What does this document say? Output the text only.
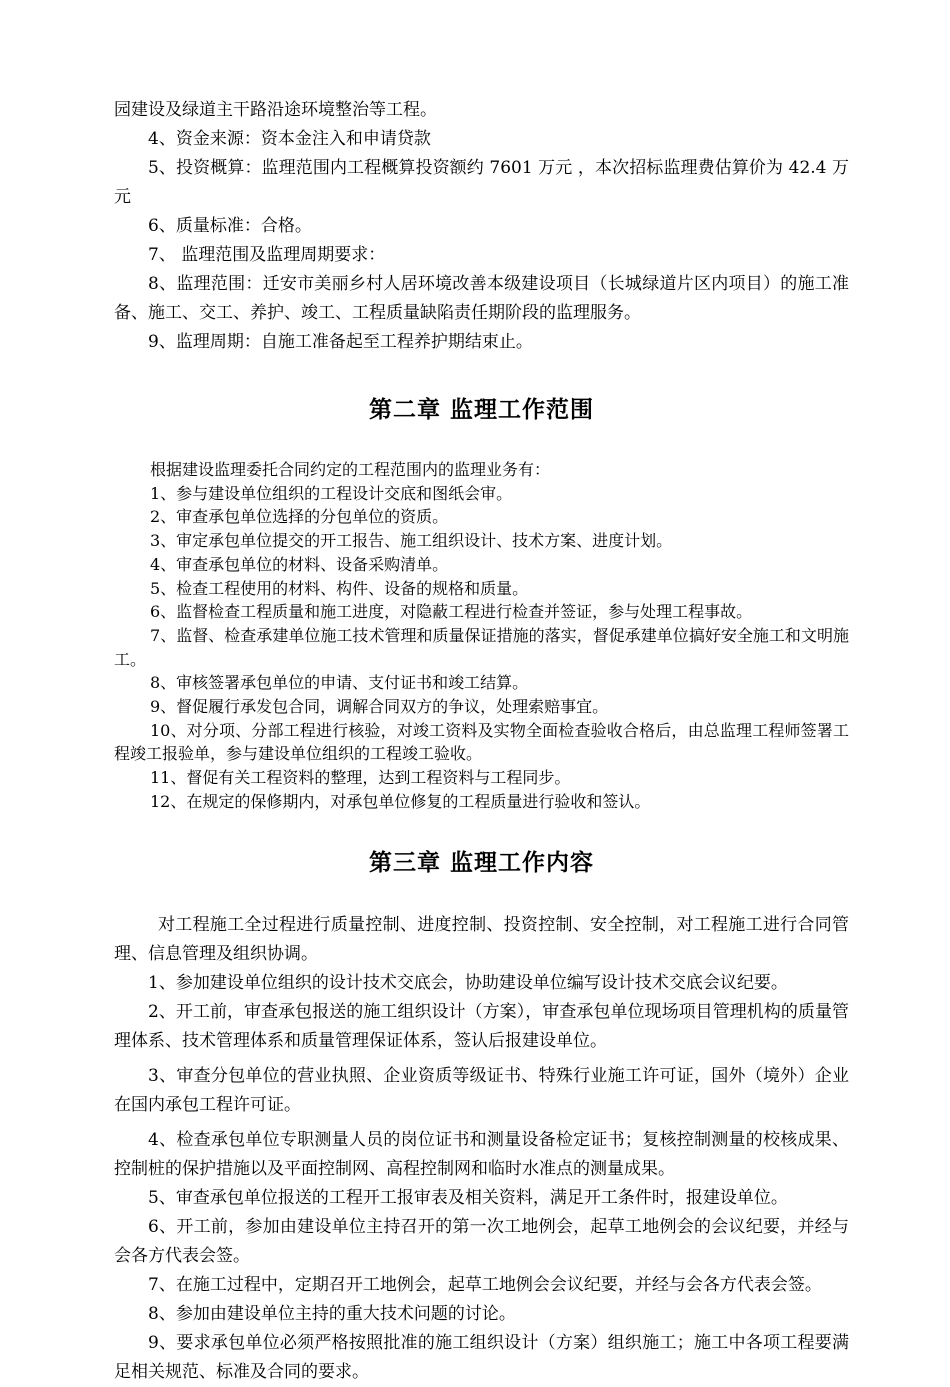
园建设及绿道主干路沿途环境整治等工程。

4、资金来源：资本金注入和申请贷款

5、投资概算：监理范围内工程概算投资额约 7601 万元 ，本次招标监理费估算价为 42.4 万元

6、质量标准：合格。

7、 监理范围及监理周期要求：

8、监理范围：迁安市美丽乡村人居环境改善本级建设项目（长城绿道片区内项目）的施工准备、施工、交工、养护、竣工、工程质量缺陷责任期阶段的监理服务。

9、监理周期：自施工准备起至工程养护期结束止。

第二章 监理工作范围

根据建设监理委托合同约定的工程范围内的监理业务有：

1、参与建设单位组织的工程设计交底和图纸会审。

2、审查承包单位选择的分包单位的资质。

3、审定承包单位提交的开工报告、施工组织设计、技术方案、进度计划。

4、审查承包单位的材料、设备采购清单。

5、检查工程使用的材料、构件、设备的规格和质量。

6、监督检查工程质量和施工进度，对隐蔽工程进行检查并签证，参与处理工程事故。

7、监督、检查承建单位施工技术管理和质量保证措施的落实，督促承建单位搞好安全施工和文明施工。

8、审核签署承包单位的申请、支付证书和竣工结算。

9、督促履行承发包合同，调解合同双方的争议，处理索赔事宜。

10、对分项、分部工程进行核验，对竣工资料及实物全面检查验收合格后，由总监理工程师签署工程竣工报验单，参与建设单位组织的工程竣工验收。

11、督促有关工程资料的整理，达到工程资料与工程同步。

12、在规定的保修期内，对承包单位修复的工程质量进行验收和签认。

第三章 监理工作内容

对工程施工全过程进行质量控制、进度控制、投资控制、安全控制，对工程施工进行合同管理、信息管理及组织协调。

1、参加建设单位组织的设计技术交底会，协助建设单位编写设计技术交底会议纪要。

2、开工前，审查承包报送的施工组织设计（方案），审查承包单位现场项目管理机构的质量管理体系、技术管理体系和质量管理保证体系，签认后报建设单位。

3、审查分包单位的营业执照、企业资质等级证书、特殊行业施工许可证，国外（境外）企业在国内承包工程许可证。

4、检查承包单位专职测量人员的岗位证书和测量设备检定证书；复核控制测量的校核成果、控制桩的保护措施以及平面控制网、高程控制网和临时水准点的测量成果。

5、审查承包单位报送的工程开工报审表及相关资料，满足开工条件时，报建设单位。

6、开工前，参加由建设单位主持召开的第一次工地例会，起草工地例会的会议纪要，并经与会各方代表会签。

7、在施工过程中，定期召开工地例会，起草工地例会会议纪要，并经与会各方代表会签。

8、参加由建设单位主持的重大技术问题的讨论。

9、要求承包单位必须严格按照批准的施工组织设计（方案）组织施工；施工中各项工程要满足相关规范、标准及合同的要求。
